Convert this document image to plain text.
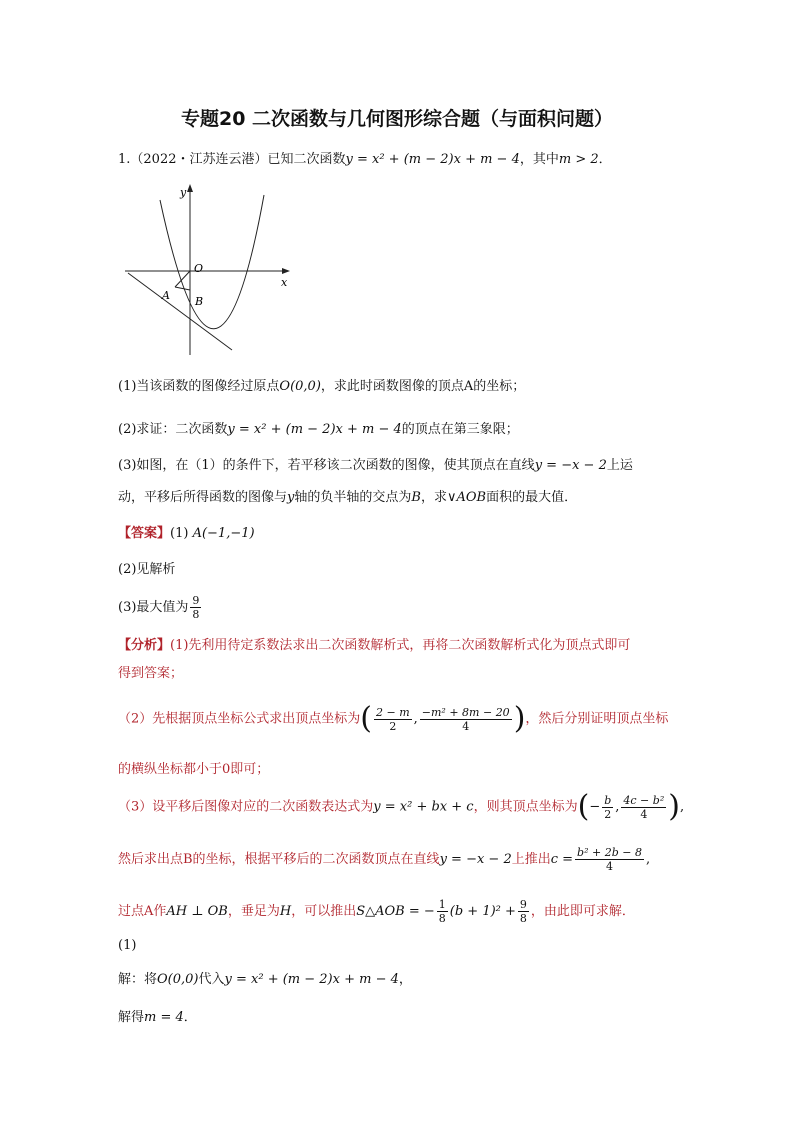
专题20 二次函数与几何图形综合题（与面积问题）
1.（2022・江苏连云港）已知二次函数y = x² + (m − 2)x + m − 4，其中m > 2．
y
x
O
A B
(1)当该函数的图像经过原点O(0,0)，求此时函数图像的顶点A的坐标；
(2)求证：二次函数y = x² + (m − 2)x + m − 4的顶点在第三象限；
(3)如图，在（1）的条件下，若平移该二次函数的图像，使其顶点在直线y = −x − 2上运
动，平移后所得函数的图像与y轴的负半轴的交点为B，求∨AOB面积的最大值．
【答案】(1) A(−1,−1)
(2)见解析
(3)最大值为 $\frac{9}{8}$
【分析】(1)先利用待定系数法求出二次函数解析式，再将二次函数解析式化为顶点式即可
得到答案；
（2）先根据顶点坐标公式求出顶点坐标为( $\frac{2 - m}{2}$ , $\frac{\text{−m² + 8m − 20}}{4}$ )，然后分别证明顶点坐标
的横纵坐标都小于0即可；
（3）设平移后图像对应的二次函数表达式为y = x² + bx + c，则其顶点坐标为(− $\frac{b}{2}$ , $\frac{\text{4c − b²}}{4}$ ),
然后求出点B的坐标，根据平移后的二次函数顶点在直线y = −x − 2上推出$c = \frac{\text{b² + 2b − 8}}{4}$ ,
过点A作AH ⊥ OB，垂足为H，可以推出S△AOB = − $\frac{1}{8} (b + 1)^2 + \frac{9}{8}$ ，由此即可求解．
(1)
解：将O(0,0)代入y = x² + (m − 2)x + m − 4，
解得m = 4．
